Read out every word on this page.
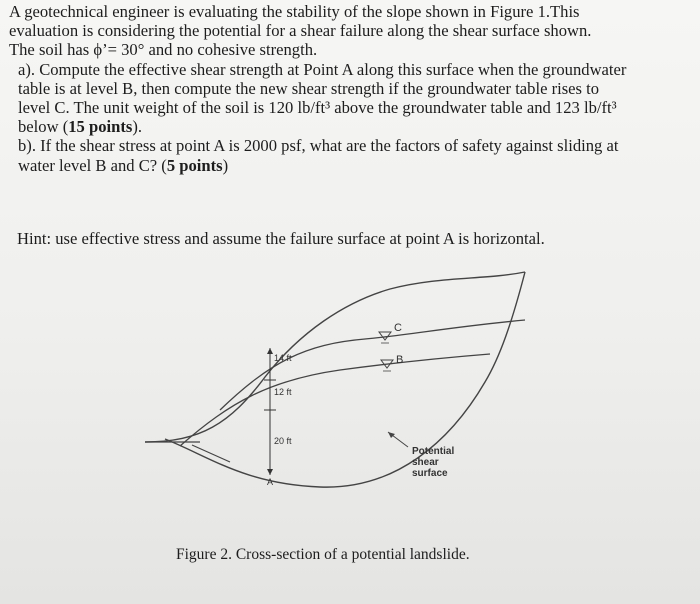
A geotechnical engineer is evaluating the stability of the slope shown in Figure 1.This

evaluation is considering the potential for a shear failure along the shear surface shown.

The soil has ϕ’= 30° and no cohesive strength.

a). Compute the effective shear strength at Point A along this surface when the groundwater

table is at level B, then compute the new shear strength if the groundwater table rises to

level C. The unit weight of the soil is 120 lb/ft³ above the groundwater table and 123 lb/ft³

below (15 points).

b). If the shear stress at point A is 2000 psf, what are the factors of safety against sliding at

water level B and C? (5 points)

Hint: use effective stress and assume the failure surface at point A is horizontal.
14 ft
12 ft
20 ft
A
C
B
Potential
shear
surface
Figure 2. Cross-section of a potential landslide.
